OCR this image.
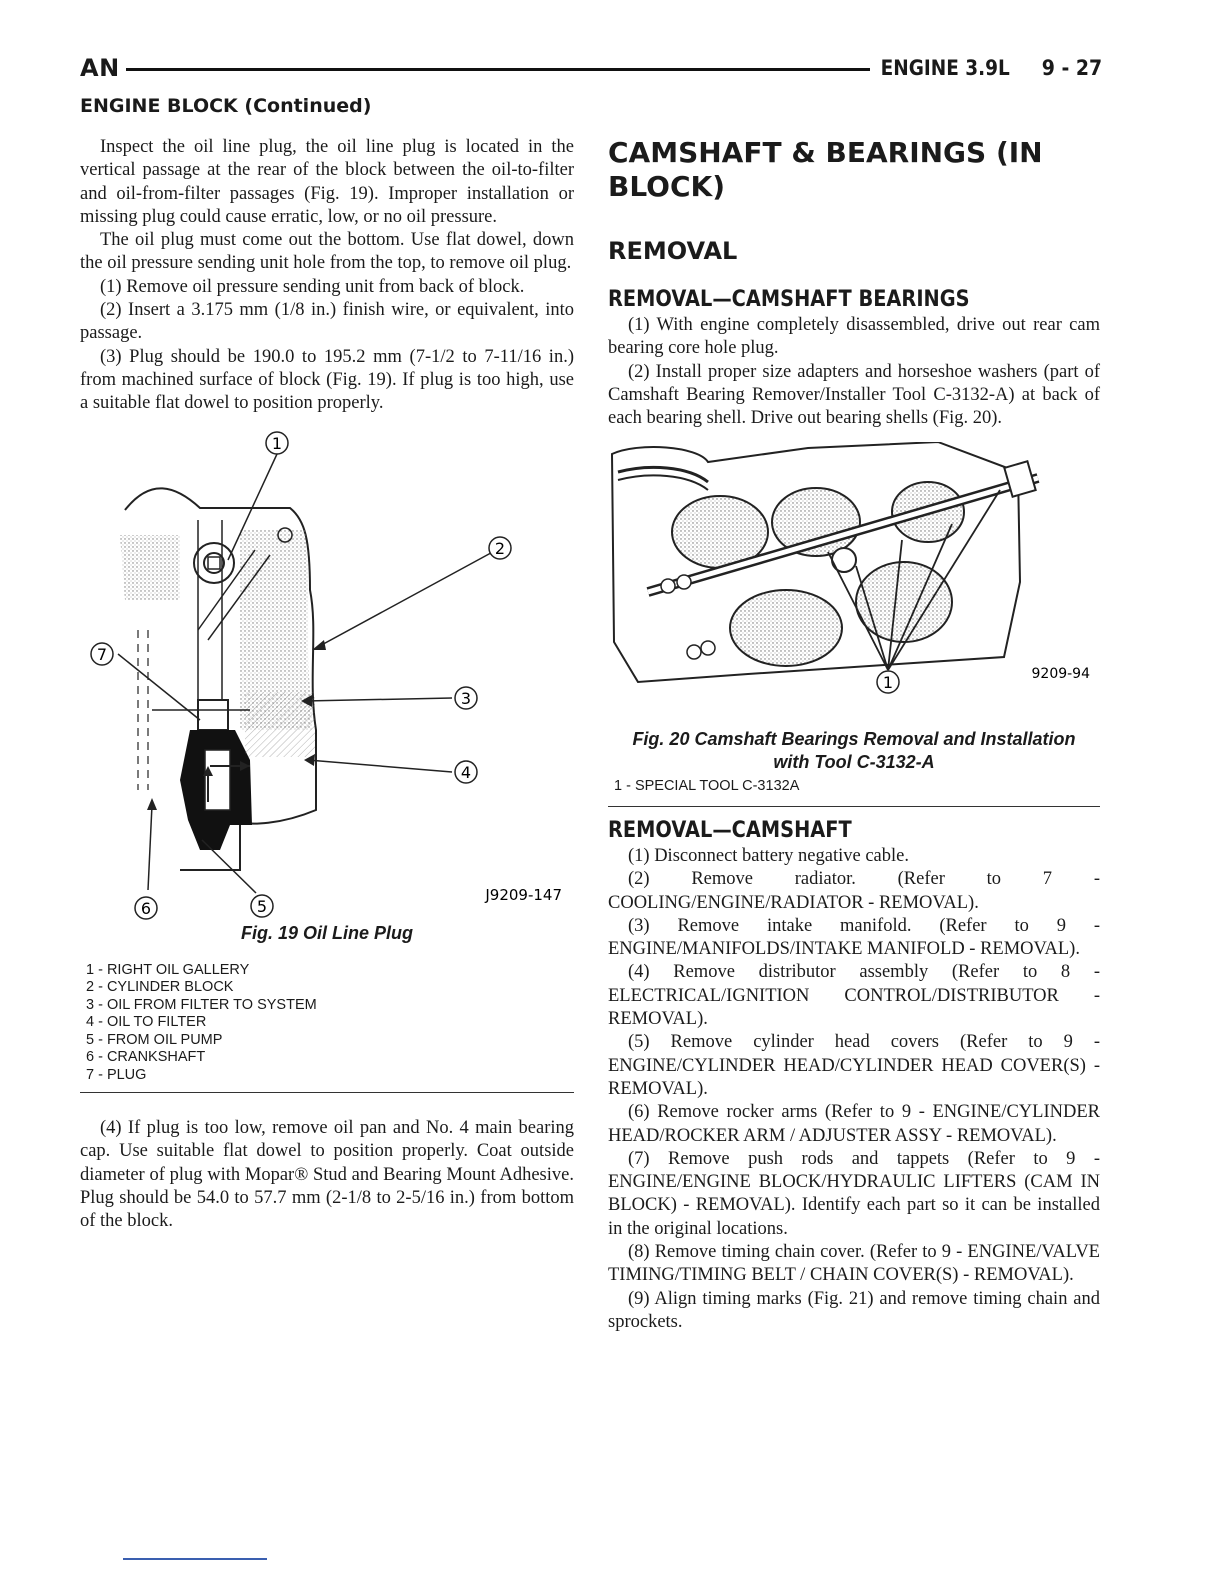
AN	ENGINE 3.9L 9 - 27
ENGINE BLOCK (Continued)

Inspect the oil line plug, the oil line plug is located in the vertical passage at the rear of the block between the oil-to-filter and oil-from-filter passages (Fig. 19). Improper installation or missing plug could cause erratic, low, or no oil pressure.

The oil plug must come out the bottom. Use flat dowel, down the oil pressure sending unit hole from the top, to remove oil plug.

(1) Remove oil pressure sending unit from back of block.

(2) Insert a 3.175 mm (1/8 in.) finish wire, or equivalent, into passage.

(3) Plug should be 190.0 to 195.2 mm (7-1/2 to 7-11/16 in.) from machined surface of block (Fig. 19). If plug is too high, use a suitable flat dowel to position properly.

1
2
3
4
5
6
7
J9209-147

Fig. 19 Oil Line Plug

1 - RIGHT OIL GALLERY

2 - CYLINDER BLOCK

3 - OIL FROM FILTER TO SYSTEM

4 - OIL TO FILTER

5 - FROM OIL PUMP

6 - CRANKSHAFT

7 - PLUG

(4) If plug is too low, remove oil pan and No. 4 main bearing cap. Use suitable flat dowel to position properly. Coat outside diameter of plug with Mopar® Stud and Bearing Mount Adhesive. Plug should be 54.0 to 57.7 mm (2-1/8 to 2-5/16 in.) from bottom of the block.

CAMSHAFT & BEARINGS (IN

BLOCK)

REMOVAL

REMOVAL—CAMSHAFT BEARINGS

(1) With engine completely disassembled, drive out rear cam bearing core hole plug.

(2) Install proper size adapters and horseshoe washers (part of Camshaft Bearing Remover/Installer Tool C-3132-A) at back of each bearing shell. Drive out bearing shells (Fig. 20).

1	9209-94

Fig. 20 Camshaft Bearings Removal and Installation

with Tool C-3132-A

1 - SPECIAL TOOL C-3132A

REMOVAL—CAMSHAFT

(1) Disconnect battery negative cable.

(2) Remove radiator. (Refer to 7 - COOLING/ENGINE/RADIATOR - REMOVAL).

(3) Remove intake manifold. (Refer to 9 - ENGINE/MANIFOLDS/INTAKE MANIFOLD - REMOVAL).

(4) Remove distributor assembly (Refer to 8 - ELECTRICAL/IGNITION CONTROL/DISTRIBUTOR - REMOVAL).

(5) Remove cylinder head covers (Refer to 9 - ENGINE/CYLINDER HEAD/CYLINDER HEAD COVER(S) - REMOVAL).

(6) Remove rocker arms (Refer to 9 - ENGINE/CYLINDER HEAD/ROCKER ARM / ADJUSTER ASSY - REMOVAL).

(7) Remove push rods and tappets (Refer to 9 - ENGINE/ENGINE BLOCK/HYDRAULIC LIFTERS (CAM IN BLOCK) - REMOVAL). Identify each part so it can be installed in the original locations.

(8) Remove timing chain cover. (Refer to 9 - ENGINE/VALVE TIMING/TIMING BELT / CHAIN COVER(S) - REMOVAL).

(9) Align timing marks (Fig. 21) and remove timing chain and sprockets.
